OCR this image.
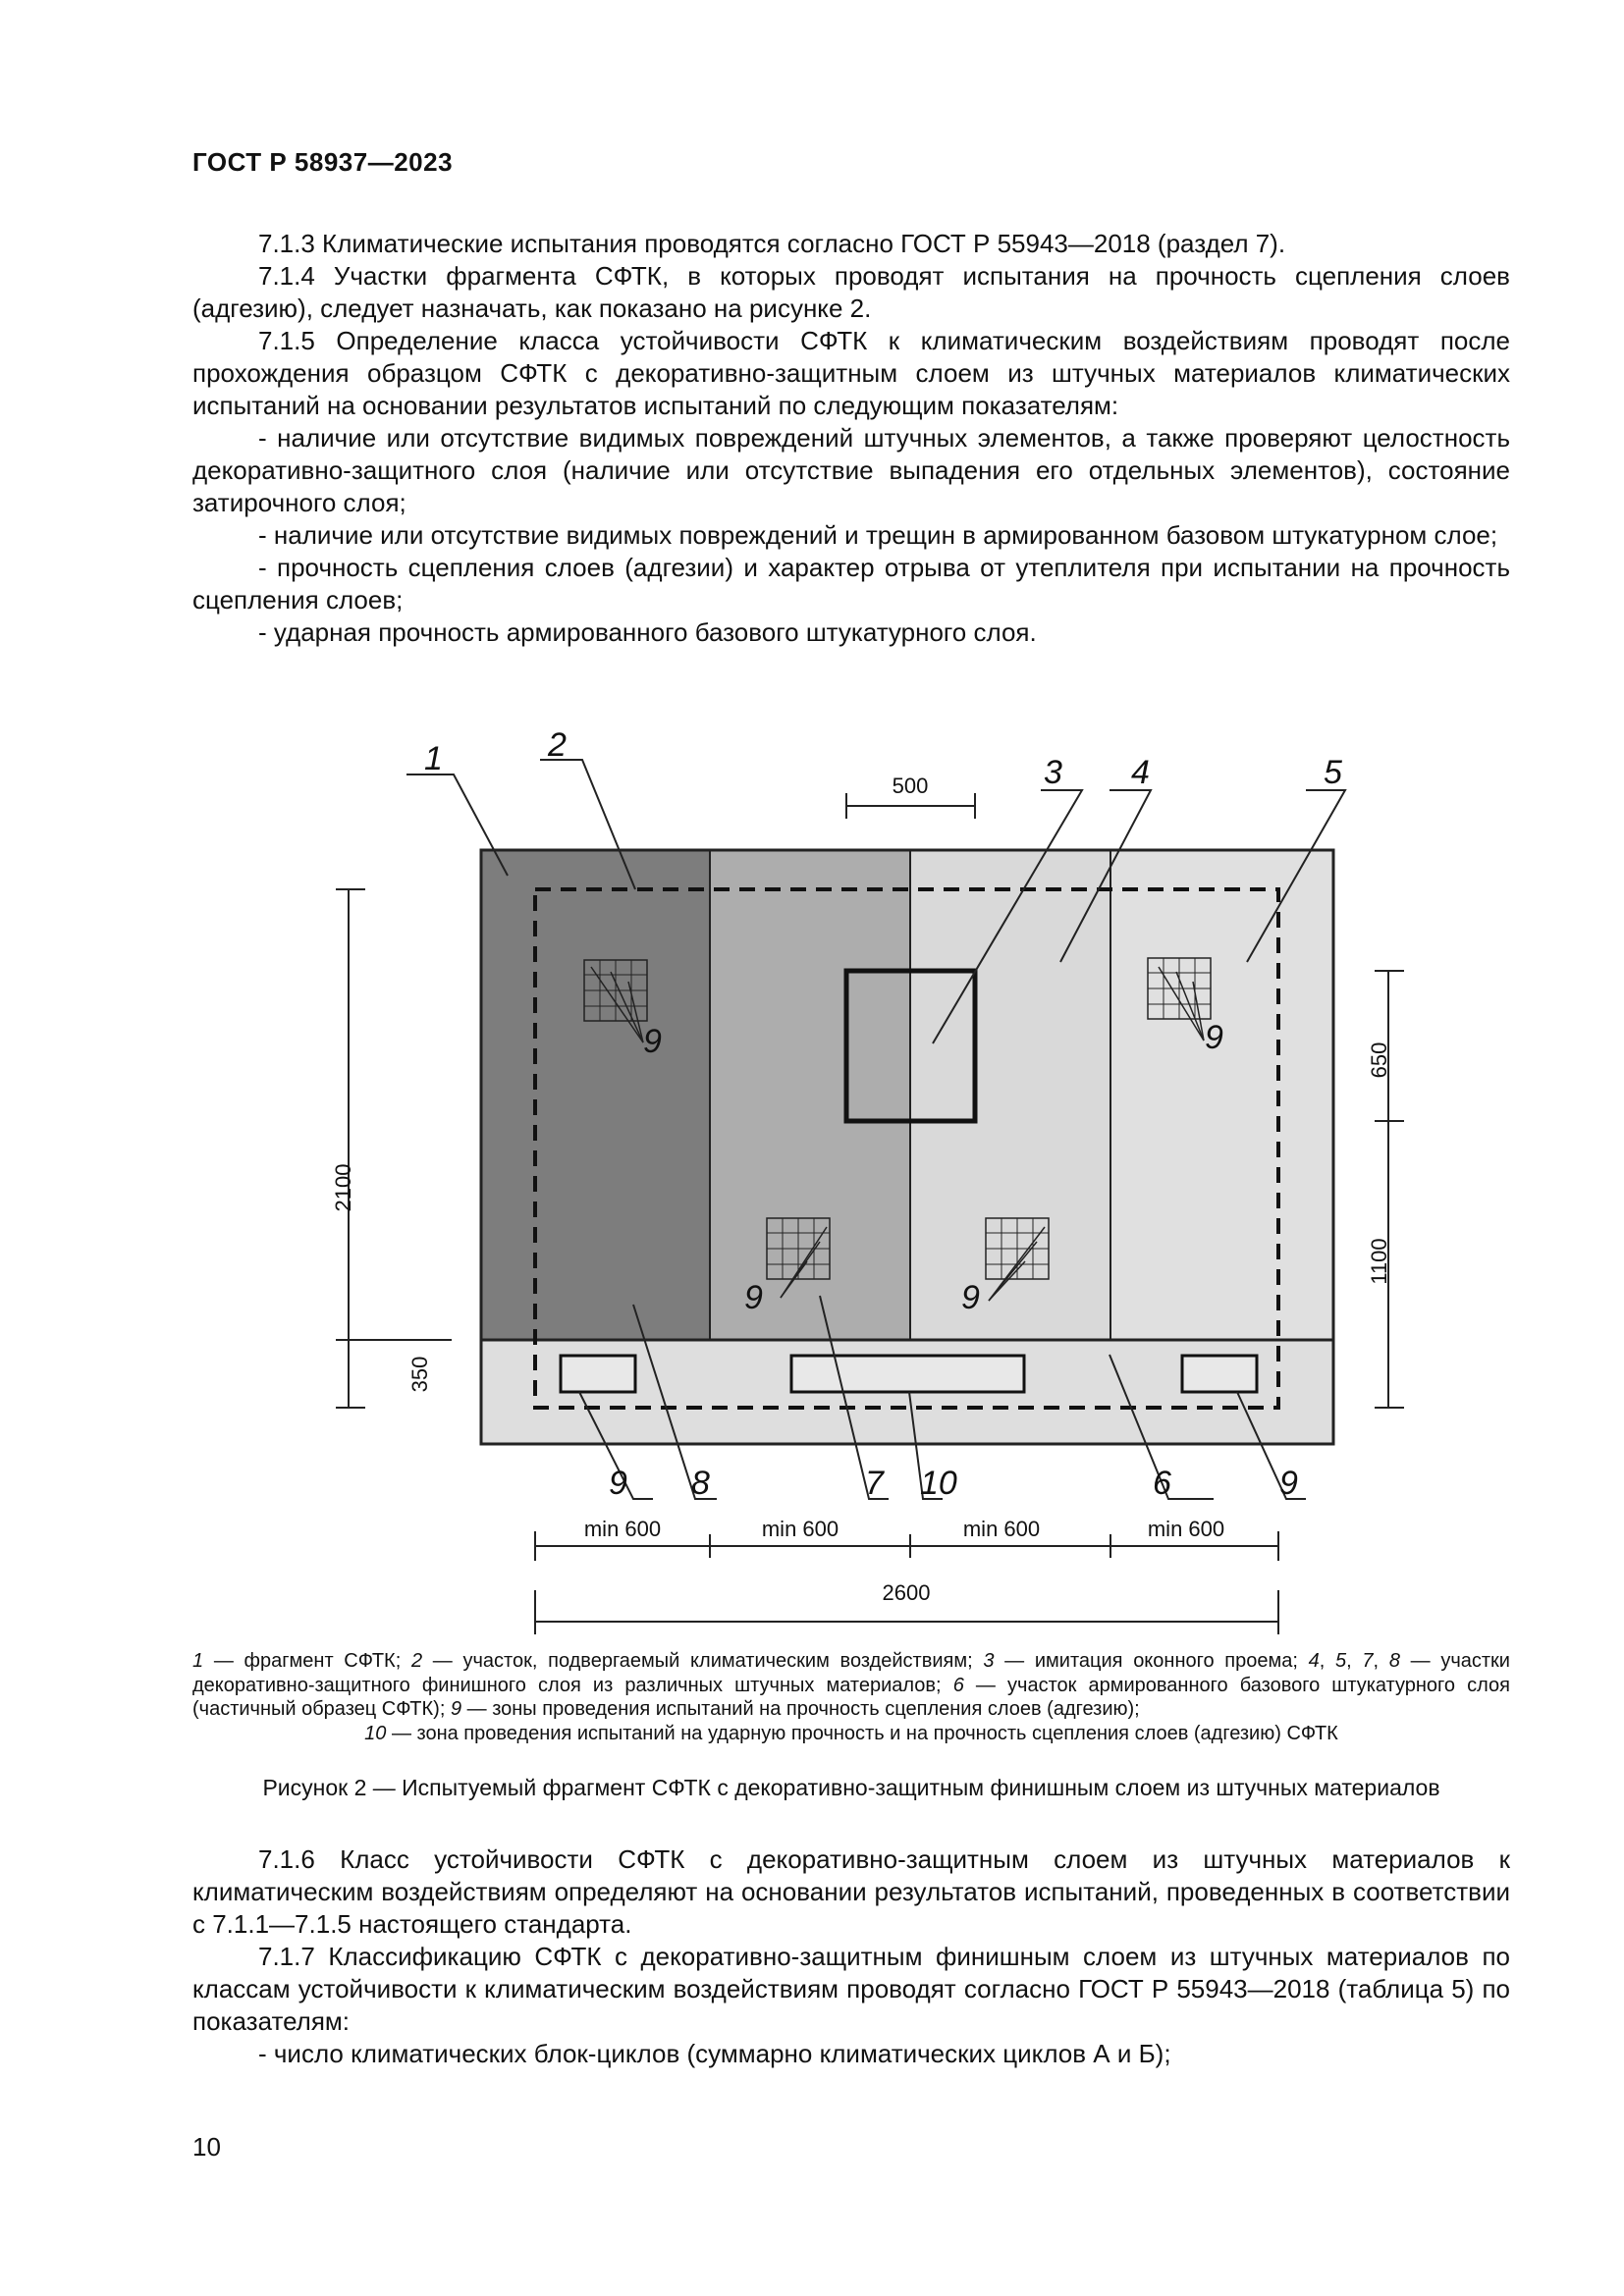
ГОСТ Р 58937—2023

7.1.3 Климатические испытания проводятся согласно ГОСТ Р 55943—2018 (раздел 7).

7.1.4 Участки фрагмента СФТК, в которых проводят испытания на прочность сцепления слоев (адгезию), следует назначать, как показано на рисунке 2.

7.1.5 Определение класса устойчивости СФТК к климатическим воздействиям проводят после прохождения образцом СФТК с декоративно-защитным слоем из штучных материалов климатических испытаний на основании результатов испытаний по следующим показателям:

- наличие или отсутствие видимых повреждений штучных элементов, а также проверяют целостность декоративно-защитного слоя (наличие или отсутствие выпадения его отдельных элементов), состояние затирочного слоя;

- наличие или отсутствие видимых повреждений и трещин в армированном базовом штукатурном слое;

- прочность сцепления слоев (адгезии) и характер отрыва от утеплителя при испытании на прочность сцепления слоев;

- ударная прочность армированного базового штукатурного слоя.

1	2
3 4	5
9	9
9	9
9 8	7 10	6	9
500
2100
350
650
1100
min 600	min 600	min 600	min 600
2600
1 — фрагмент СФТК; 2 — участок, подвергаемый климатическим воздействиям; 3 — имитация оконного проема; 4, 5, 7, 8 — участки декоративно-защитного финишного слоя из различных штучных материалов; 6 — участок армированного базового штукатурного слоя (частичный образец СФТК); 9 — зоны проведения испытаний на прочность сцепления слоев (адгезию);
10 — зона проведения испытаний на ударную прочность и на прочность сцепления слоев (адгезию) СФТК
Рисунок 2 — Испытуемый фрагмент СФТК с декоративно-защитным финишным слоем из штучных материалов

7.1.6 Класс устойчивости СФТК с декоративно-защитным слоем из штучных материалов к климатическим воздействиям определяют на основании результатов испытаний, проведенных в соответствии с 7.1.1—7.1.5 настоящего стандарта.

7.1.7 Классификацию СФТК с декоративно-защитным финишным слоем из штучных материалов по классам устойчивости к климатическим воздействиям проводят согласно ГОСТ Р 55943—2018 (таблица 5) по показателям:

- число климатических блок-циклов (суммарно климатических циклов А и Б);

10
